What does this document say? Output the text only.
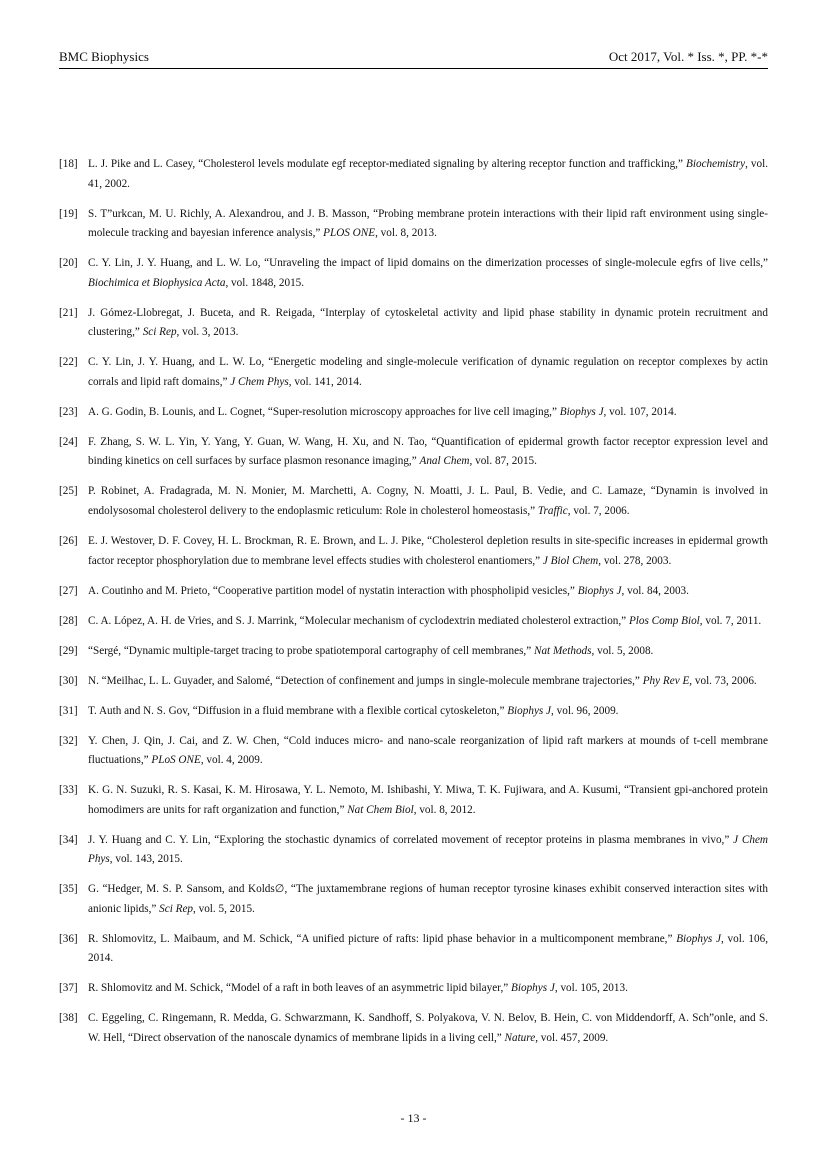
BMC Biophysics	Oct 2017, Vol. * Iss. *, PP. *-*
[18] L. J. Pike and L. Casey, “Cholesterol levels modulate egf receptor-mediated signaling by altering receptor function and trafficking,” Biochemistry, vol. 41, 2002.
[19] S. T”urkcan, M. U. Richly, A. Alexandrou, and J. B. Masson, “Probing membrane protein interactions with their lipid raft environment using single-molecule tracking and bayesian inference analysis,” PLOS ONE, vol. 8, 2013.
[20] C. Y. Lin, J. Y. Huang, and L. W. Lo, “Unraveling the impact of lipid domains on the dimerization processes of single-molecule egfrs of live cells,”Biochimica et Biophysica Acta, vol. 1848, 2015.
[21] J. Gómez-Llobregat, J. Buceta, and R. Reigada, “Interplay of cytoskeletal activity and lipid phase stability in dynamic protein recruitment and clustering,” Sci Rep, vol. 3, 2013.
[22] C. Y. Lin, J. Y. Huang, and L. W. Lo, “Energetic modeling and single-molecule verification of dynamic regulation on receptor complexes by actin corrals and lipid raft domains,” J Chem Phys, vol. 141, 2014.
[23] A. G. Godin, B. Lounis, and L. Cognet, “Super-resolution microscopy approaches for live cell imaging,” Biophys J, vol. 107, 2014.
[24] F. Zhang, S. W. L. Yin, Y. Yang, Y. Guan, W. Wang, H. Xu, and N. Tao, “Quantification of epidermal growth factor receptor expression level and binding kinetics on cell surfaces by surface plasmon resonance imaging,” Anal Chem, vol. 87, 2015.
[25] P. Robinet, A. Fradagrada, M. N. Monier, M. Marchetti, A. Cogny, N. Moatti, J. L. Paul, B. Vedie, and C. Lamaze, “Dynamin is involved in endolysosomal cholesterol delivery to the endoplasmic reticulum: Role in cholesterol homeostasis,” Traffic, vol. 7, 2006.
[26] E. J. Westover, D. F. Covey, H. L. Brockman, R. E. Brown, and L. J. Pike, “Cholesterol depletion results in site-specific increases in epidermal growth factor receptor phosphorylation due to membrane level effects studies with cholesterol enantiomers,” J Biol Chem, vol. 278, 2003.
[27] A. Coutinho and M. Prieto, “Cooperative partition model of nystatin interaction with phospholipid vesicles,” Biophys J, vol. 84, 2003.
[28] C. A. López, A. H. de Vries, and S. J. Marrink, “Molecular mechanism of cyclodextrin mediated cholesterol extraction,” Plos Comp Biol, vol. 7, 2011.
[29] “Sergé, “Dynamic multiple-target tracing to probe spatiotemporal cartography of cell membranes,” Nat Methods, vol. 5, 2008.
[30] N. “Meilhac, L. L. Guyader, and Salomé, “Detection of confinement and jumps in single-molecule membrane trajectories,” Phy Rev E, vol. 73, 2006.
[31] T. Auth and N. S. Gov, “Diffusion in a fluid membrane with a flexible cortical cytoskeleton,” Biophys J, vol. 96, 2009.
[32] Y. Chen, J. Qin, J. Cai, and Z. W. Chen, “Cold induces micro- and nano-scale reorganization of lipid raft markers at mounds of t-cell membrane fluctuations,” PLoS ONE, vol. 4, 2009.
[33] K. G. N. Suzuki, R. S. Kasai, K. M. Hirosawa, Y. L. Nemoto, M. Ishibashi, Y. Miwa, T. K. Fujiwara, and A. Kusumi, “Transient gpi-anchored protein homodimers are units for raft organization and function,” Nat Chem Biol, vol. 8, 2012.
[34] J. Y. Huang and C. Y. Lin, “Exploring the stochastic dynamics of correlated movement of receptor proteins in plasma membranes in vivo,” J Chem Phys, vol. 143, 2015.
[35] G. “Hedger, M. S. P. Sansom, and Kolds∅, “The juxtamembrane regions of human receptor tyrosine kinases exhibit conserved interaction sites with anionic lipids,” Sci Rep, vol. 5, 2015.
[36] R. Shlomovitz, L. Maibaum, and M. Schick, “A unified picture of rafts: lipid phase behavior in a multicomponent membrane,” Biophys J, vol. 106, 2014.
[37] R. Shlomovitz and M. Schick, “Model of a raft in both leaves of an asymmetric lipid bilayer,” Biophys J, vol. 105, 2013.
[38] C. Eggeling, C. Ringemann, R. Medda, G. Schwarzmann, K. Sandhoff, S. Polyakova, V. N. Belov, B. Hein, C. von Middendorff, A. Sch”onle, and S. W. Hell, “Direct observation of the nanoscale dynamics of membrane lipids in a living cell,” Nature, vol. 457, 2009.
- 13 -
